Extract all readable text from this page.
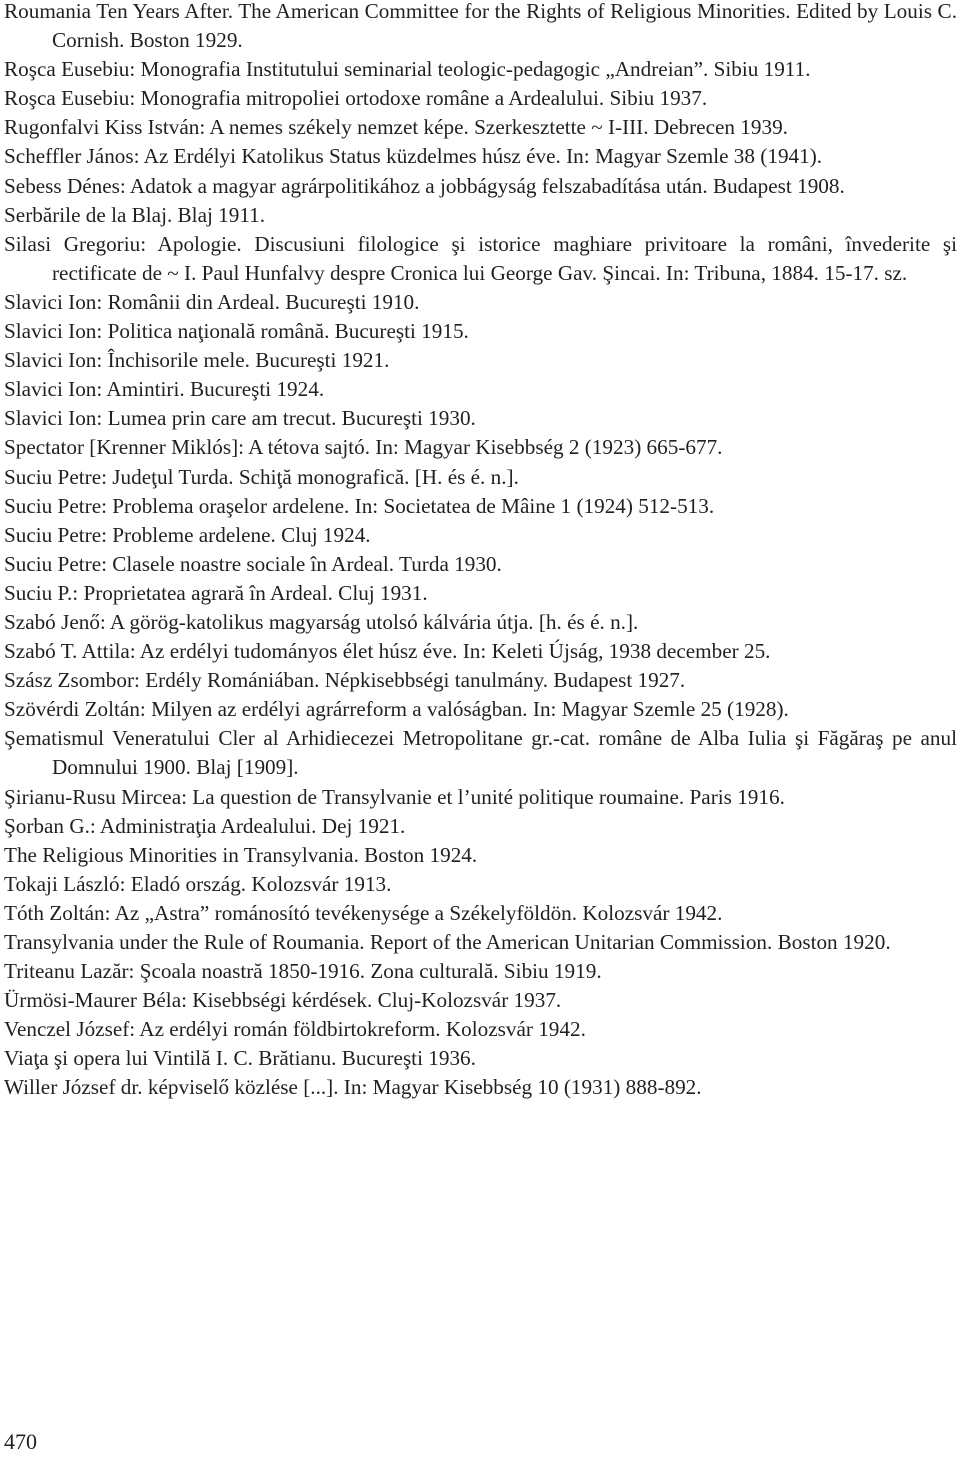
Roumania Ten Years After. The American Committee for the Rights of Religious Minorities. Edited by Louis C. Cornish. Boston 1929.
Roşca Eusebiu: Monografia Institutului seminarial teologic-pedagogic „Andreian”. Sibiu 1911.
Roşca Eusebiu: Monografia mitropoliei ortodoxe române a Ardealului. Sibiu 1937.
Rugonfalvi Kiss István: A nemes székely nemzet képe. Szerkesztette ~ I-III. Debrecen 1939.
Scheffler János: Az Erdélyi Katolikus Status küzdelmes húsz éve. In: Magyar Szemle 38 (1941).
Sebess Dénes: Adatok a magyar agrárpolitikához a jobbágyság felszabadítása után. Budapest 1908.
Serbările de la Blaj. Blaj 1911.
Silasi Gregoriu: Apologie. Discusiuni filologice şi istorice maghiare privitoare la români, învederite şi rectificate de ~ I. Paul Hunfalvy despre Cronica lui George Gav. Şincai. In: Tribuna, 1884. 15-17. sz.
Slavici Ion: Românii din Ardeal. Bucureşti 1910.
Slavici Ion: Politica naţională română. Bucureşti 1915.
Slavici Ion: Închisorile mele. Bucureşti 1921.
Slavici Ion: Amintiri. Bucureşti 1924.
Slavici Ion: Lumea prin care am trecut. Bucureşti 1930.
Spectator [Krenner Miklós]: A tétova sajtó. In: Magyar Kisebbség 2 (1923) 665-677.
Suciu Petre: Judeţul Turda. Schiţă monografică. [H. és é. n.].
Suciu Petre: Problema oraşelor ardelene. In: Societatea de Mâine 1 (1924) 512-513.
Suciu Petre: Probleme ardelene. Cluj 1924.
Suciu Petre: Clasele noastre sociale în Ardeal. Turda 1930.
Suciu P.: Proprietatea agrară în Ardeal. Cluj 1931.
Szabó Jenő: A görög-katolikus magyarság utolsó kálvária útja. [h. és é. n.].
Szabó T. Attila: Az erdélyi tudományos élet húsz éve. In: Keleti Újság, 1938 december 25.
Szász Zsombor: Erdély Romániában. Népkisebbségi tanulmány. Budapest 1927.
Szövérdi Zoltán: Milyen az erdélyi agrárreform a valóságban. In: Magyar Szemle 25 (1928).
Şematismul Veneratului Cler al Arhidiecezei Metropolitane gr.-cat. române de Alba Iulia şi Făgăraş pe anul Domnului 1900. Blaj [1909].
Şirianu-Rusu Mircea: La question de Transylvanie et l’unité politique roumaine. Paris 1916.
Şorban G.: Administraţia Ardealului. Dej 1921.
The Religious Minorities in Transylvania. Boston 1924.
Tokaji László: Eladó ország. Kolozsvár 1913.
Tóth Zoltán: Az „Astra” románosító tevékenysége a Székelyföldön. Kolozsvár 1942.
Transylvania under the Rule of Roumania. Report of the American Unitarian Commission. Boston 1920.
Triteanu Lazăr: Şcoala noastră 1850-1916. Zona culturală. Sibiu 1919.
Ürmösi-Maurer Béla: Kisebbségi kérdések. Cluj-Kolozsvár 1937.
Venczel József: Az erdélyi román földbirtokreform. Kolozsvár 1942.
Viaţa şi opera lui Vintilă I. C. Brătianu. Bucureşti 1936.
Willer József dr. képviselő közlése [...]. In: Magyar Kisebbség 10 (1931) 888-892.
470
